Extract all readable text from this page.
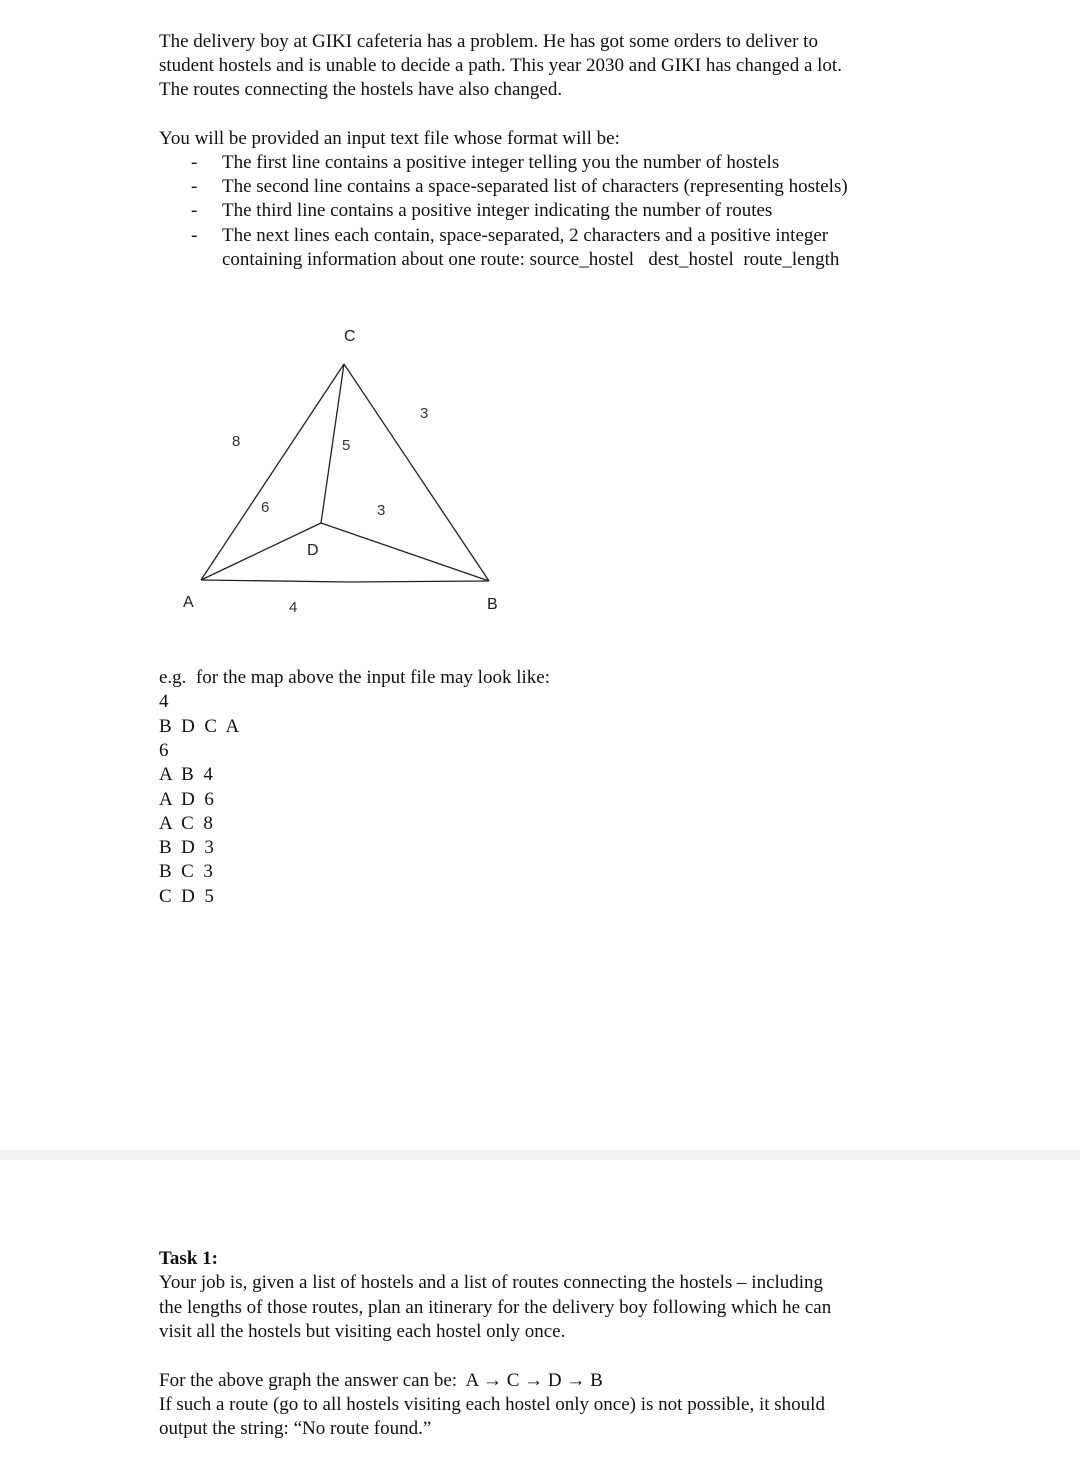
The delivery boy at GIKI cafeteria has a problem. He has got some orders to deliver to
student hostels and is unable to decide a path. This year 2030 and GIKI has changed a lot.
The routes connecting the hostels have also changed.
You will be provided an input text file whose format will be:
- The first line contains a positive integer telling you the number of hostels
- The second line contains a space-separated list of characters (representing hostels)
- The third line contains a positive integer indicating the number of routes
- The next lines each contain, space-separated, 2 characters and a positive integer
containing information about one route: source_hostel   dest_hostel  route_length
C
D
A	B
8
3
5
6	3
4
e.g.  for the map above the input file may look like:
4
B  D  C  A
6
A  B  4
A  D  6
A  C  8
B  D  3
B  C  3
C  D  5
Task 1:
Your job is, given a list of hostels and a list of routes connecting the hostels – including
the lengths of those routes, plan an itinerary for the delivery boy following which he can
visit all the hostels but visiting each hostel only once.
For the above graph the answer can be:  A → C → D → B
If such a route (go to all hostels visiting each hostel only once) is not possible, it should
output the string: “No route found.”
